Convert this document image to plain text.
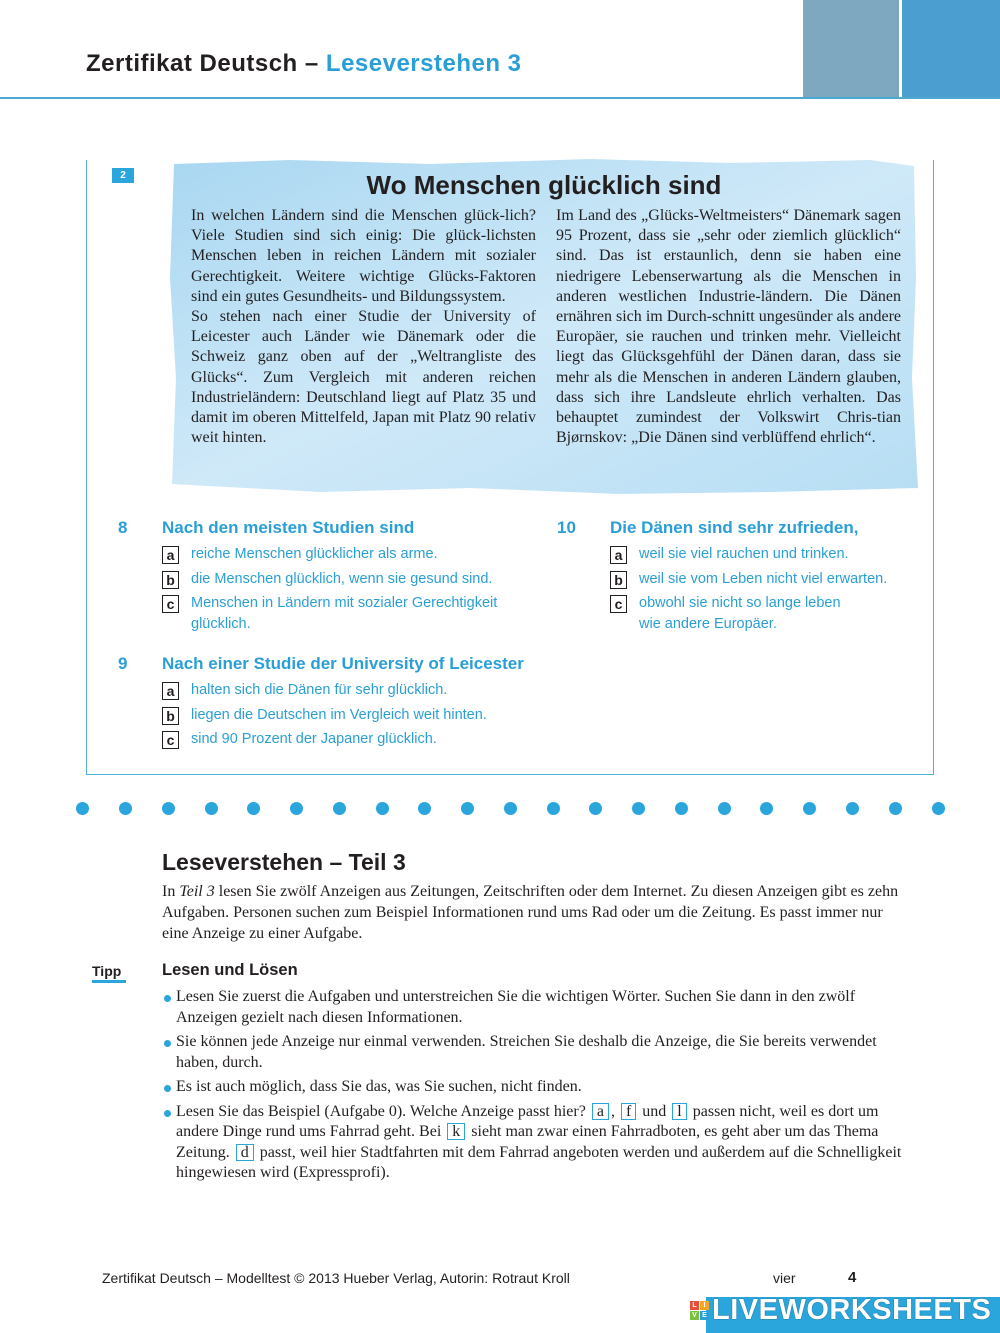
Zertifikat Deutsch – Leseverstehen 3
2	Wo Menschen glücklich sind

In welchen Ländern sind die Menschen glück-lich? Viele Studien sind sich einig: Die glück-lichsten Menschen leben in reichen Ländern mit sozialer Gerechtigkeit. Weitere wichtige Glücks-Faktoren sind ein gutes Gesundheits- und Bildungssystem.

So stehen nach einer Studie der University of Leicester auch Länder wie Dänemark oder die Schweiz ganz oben auf der „Weltrangliste des Glücks“. Zum Vergleich mit anderen reichen Industrieländern: Deutschland liegt auf Platz 35 und damit im oberen Mittelfeld, Japan mit Platz 90 relativ weit hinten.

Im Land des „Glücks-Weltmeisters“ Dänemark sagen 95 Prozent, dass sie „sehr oder ziemlich glücklich“ sind. Das ist erstaunlich, denn sie haben eine niedrigere Lebenserwartung als die Menschen in anderen westlichen Industrie-ländern. Die Dänen ernähren sich im Durch-schnitt ungesünder als andere Europäer, sie rauchen und trinken mehr. Vielleicht liegt das Glücksgehfühl der Dänen daran, dass sie mehr als die Menschen in anderen Ländern glauben, dass sich ihre Landsleute ehrlich verhalten. Das behauptet zumindest der Volkswirt Chris-tian Bjørnskov: „Die Dänen sind verblüffend ehrlich“.

8 Nach den meisten Studien sind
a	reiche Menschen glücklicher als arme.
b die Menschen glücklich, wenn sie gesund sind.
c	Menschen in Ländern mit sozialer Gerechtigkeit
glücklich.
9 Nach einer Studie der University of Leicester
a	halten sich die Dänen für sehr glücklich.
b liegen die Deutschen im Vergleich weit hinten.
c	sind 90 Prozent der Japaner glücklich.
10 Die Dänen sind sehr zufrieden,
a	weil sie viel rauchen und trinken.
b weil sie vom Leben nicht viel erwarten.
c	obwohl sie nicht so lange leben
wie andere Europäer.
Leseverstehen – Teil 3

In Teil 3 lesen Sie zwölf Anzeigen aus Zeitungen, Zeitschriften oder dem Internet. Zu diesen Anzeigen gibt es zehn Aufgaben. Personen suchen zum Beispiel Informationen rund ums Rad oder um die Zeitung. Es passt immer nur eine Anzeige zu einer Aufgabe.

Tipp Lesen und Lösen
Lesen Sie zuerst die Aufgaben und unterstreichen Sie die wichtigen Wörter. Suchen Sie dann in den zwölf Anzeigen gezielt nach diesen Informationen.
Sie können jede Anzeige nur einmal verwenden. Streichen Sie deshalb die Anzeige, die Sie bereits verwendet haben, durch.
Es ist auch möglich, dass Sie das, was Sie suchen, nicht finden.
Lesen Sie das Beispiel (Aufgabe 0). Welche Anzeige passt hier? a , f und l passen nicht, weil es dort um andere Dinge rund ums Fahrrad geht. Bei k sieht man zwar einen Fahrradboten, es geht aber um das Thema Zeitung. d passt, weil hier Stadtfahrten mit dem Fahrrad angeboten werden und außerdem auf die Schnelligkeit hingewiesen wird (Expressprofi).
Zertifikat Deutsch – Modelltest © 2013 Hueber Verlag, Autorin: Rotraut Kroll	vier	4
L I
V E LIVEWORKSHEETS
